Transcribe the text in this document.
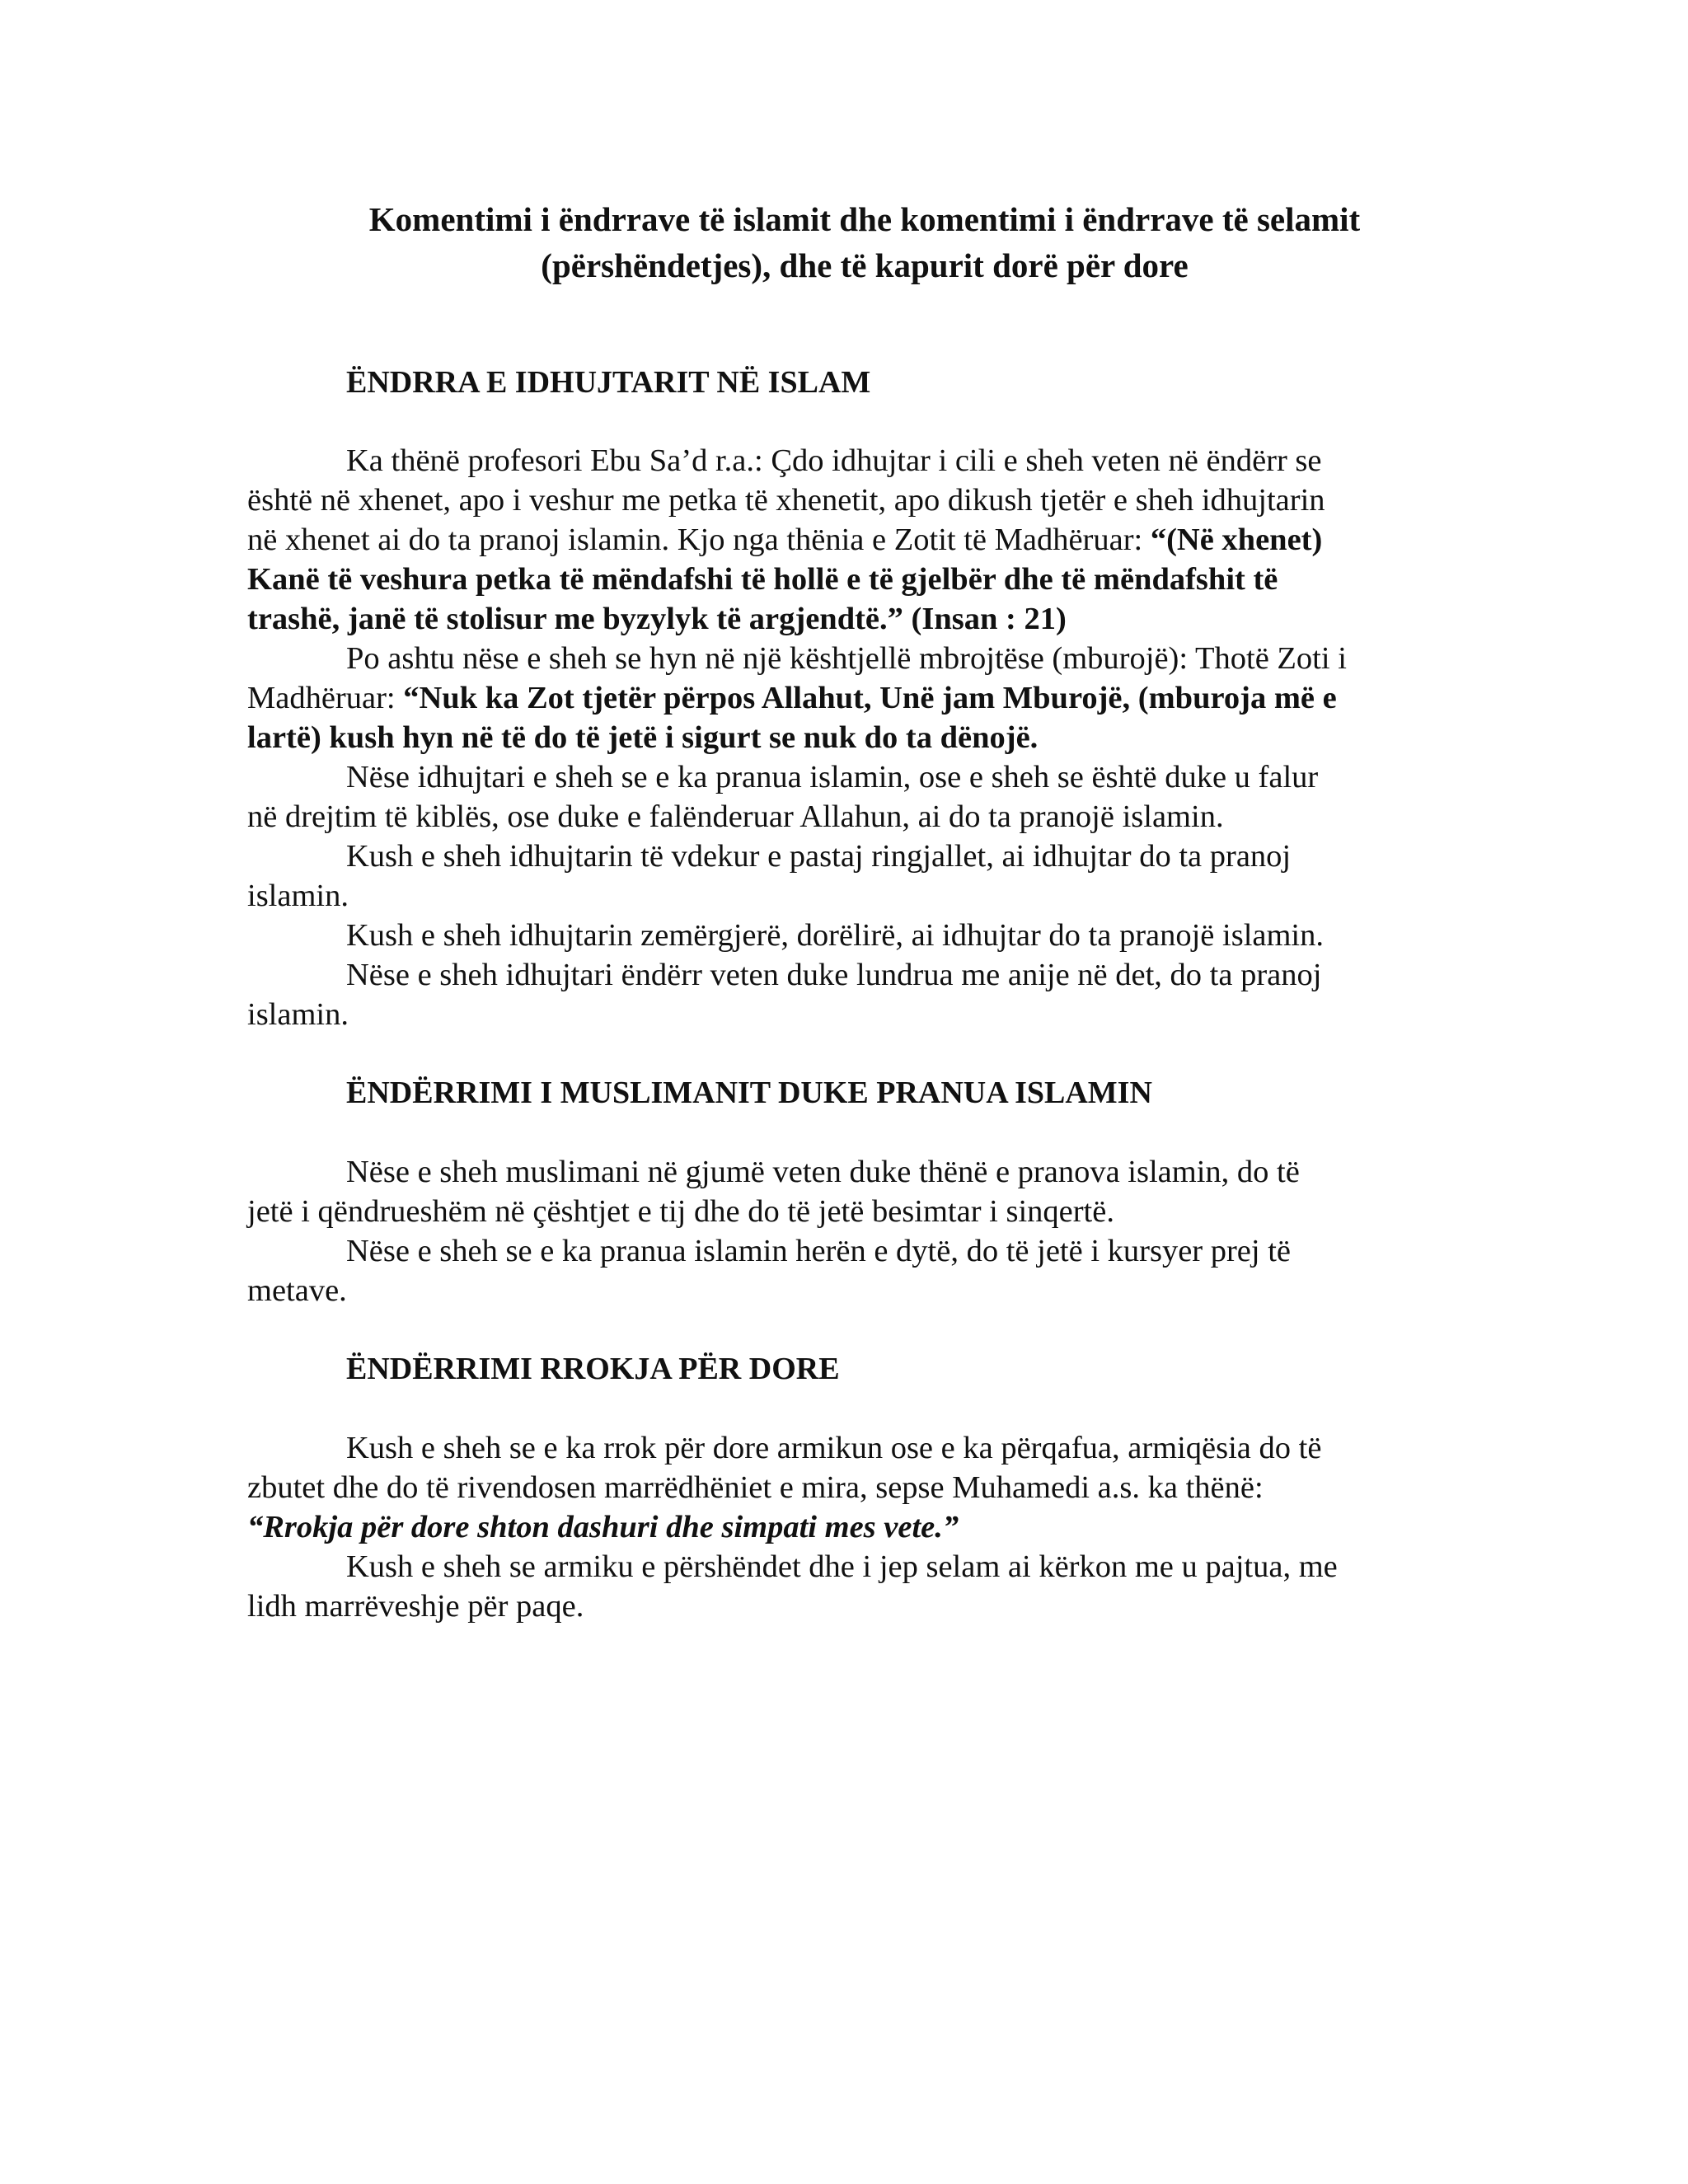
Komentimi i ëndrrave të islamit dhe komentimi i ëndrrave të selamit
(përshëndetjes), dhe të kapurit dorë për dore
ËNDRRA E IDHUJTARIT NË ISLAM
Ka thënë profesori Ebu Sa’d r.a.: Çdo idhujtar i cili e sheh veten në ëndërr se
është në xhenet, apo i veshur me petka të xhenetit, apo dikush tjetër e sheh idhujtarin
në xhenet ai do ta pranoj islamin. Kjo nga thënia e Zotit të Madhëruar: “(Në xhenet)
Kanë të veshura petka të mëndafshi të hollë e të gjelbër dhe të mëndafshit të
trashë, janë të stolisur me byzylyk të argjendtë.” (Insan : 21)
Po ashtu nëse e sheh se hyn në një kështjellë mbrojtëse (mburojë): Thotë Zoti i
Madhëruar: “Nuk ka Zot tjetër përpos Allahut, Unë jam Mburojë, (mburoja më e
lartë) kush hyn në të do të jetë i sigurt se nuk do ta dënojë.
Nëse idhujtari e sheh se e ka pranua islamin, ose e sheh se është duke u falur
në drejtim të kiblës, ose duke e falënderuar Allahun, ai do ta pranojë islamin.
Kush e sheh idhujtarin të vdekur e pastaj ringjallet, ai idhujtar do ta pranoj
islamin.
Kush e sheh idhujtarin zemërgjerë, dorëlirë, ai idhujtar do ta pranojë islamin.
Nëse e sheh idhujtari ëndërr veten duke lundrua me anije në det, do ta pranoj
islamin.
ËNDËRRIMI I MUSLIMANIT DUKE PRANUA ISLAMIN
Nëse e sheh muslimani në gjumë veten duke thënë e pranova islamin, do të
jetë i qëndrueshëm në çështjet e tij dhe do të jetë besimtar i sinqertë.
Nëse e sheh se e ka pranua islamin herën e dytë, do të jetë i kursyer prej të
metave.
ËNDËRRIMI RROKJA PËR DORE
Kush e sheh se e ka rrok për dore armikun ose e ka përqafua, armiqësia do të
zbutet dhe do të rivendosen marrëdhëniet e mira, sepse Muhamedi a.s. ka thënë:
“Rrokja për dore shton dashuri dhe simpati mes vete.”
Kush e sheh se armiku e përshëndet dhe i jep selam ai kërkon me u pajtua, me
lidh marrëveshje për paqe.
